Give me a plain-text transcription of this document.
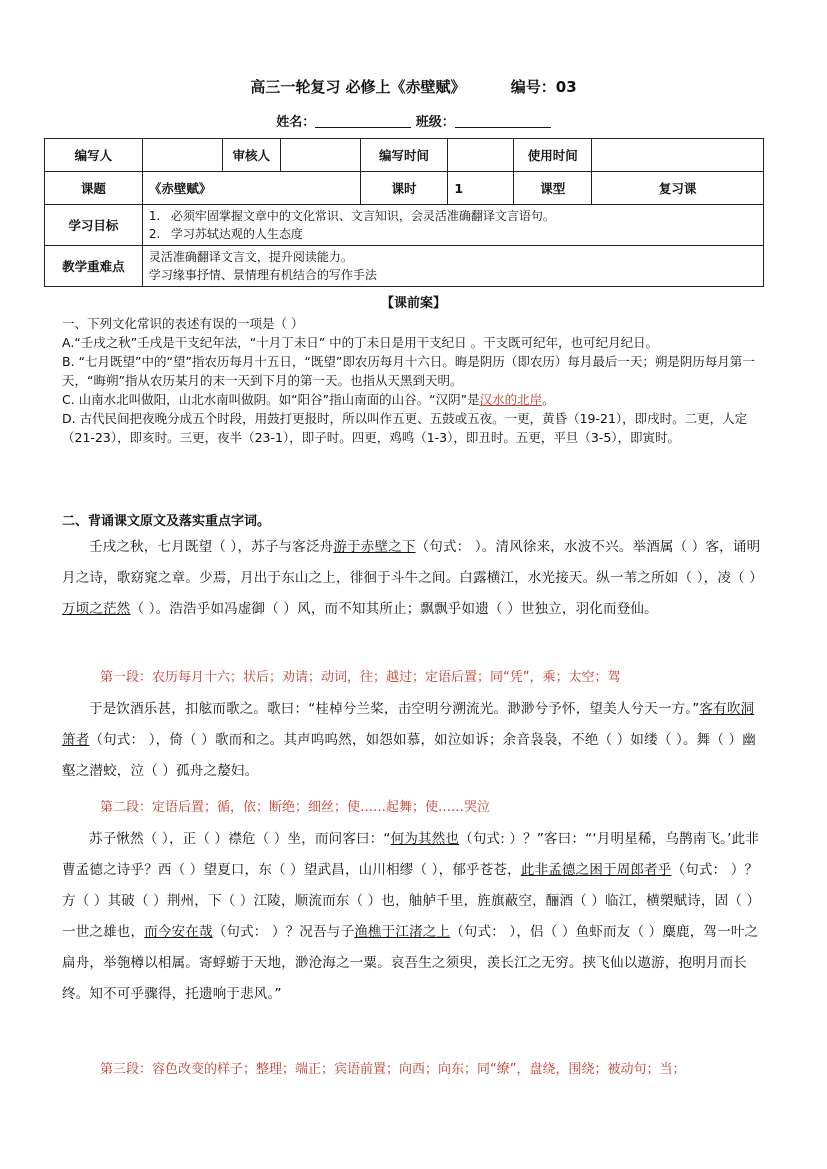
高三一轮复习 必修上《赤壁赋》	编号：03
姓名：	班级：
编写人		审核人		编写时间		使用时间	
课题	《赤壁赋》			课时	1	课型	复习课
学习目标	1. 必须牢固掌握文章中的文化常识、文言知识，会灵活准确翻译文言语句。
2. 学习苏轼达观的人生态度						

教学重难点	灵活准确翻译文言文，提升阅读能力。
学习缘事抒情、景情理有机结合的写作手法						
【课前案】
一、下列文化常识的表述有误的一项是（ ）
A.“壬戌之秋”壬戌是干支纪年法，“十月丁未日” 中的丁未日是用干支纪日 。干支既可纪年，也可纪月纪日。
B. “七月既望”中的“望”指农历每月十五日，“既望”即农历每月十六日。晦是阴历（即农历）每月最后一天；朔是阴历每月第一天，“晦朔”指从农历某月的末一天到下月的第一天。也指从天黑到天明。
C. 山南水北叫做阳，山北水南叫做阴。如“阳谷”指山南面的山谷。“汉阴”是汉水的北岸。
D. 古代民间把夜晚分成五个时段，用鼓打更报时，所以叫作五更、五鼓或五夜。一更，黄昏（19-21），即戌时。二更，人定（21-23），即亥时。三更，夜半（23-1），即子时。四更，鸡鸣（1-3），即丑时。五更，平旦（3-5），即寅时。
二、背诵课文原文及落实重点字词。
壬戌之秋，七月既望（ ），苏子与客泛舟游于赤壁之下（句式： ）。清风徐来，水波不兴。举酒属（ ）客，诵明月之诗，歌窈窕之章。少焉，月出于东山之上，徘徊于斗牛之间。白露横江，水光接天。纵一苇之所如（ ），凌（ ）万顷之茫然（ ）。浩浩乎如冯虚御（ ）风，而不知其所止；飘飘乎如遗（ ）世独立，羽化而登仙。
第一段：农历每月十六；状后；劝请；动词，往；越过；定语后置；同“凭”，乘；太空；驾
于是饮酒乐甚，扣舷而歌之。歌曰：“桂棹兮兰桨，击空明兮溯流光。渺渺兮予怀，望美人兮天一方。”客有吹洞箫者（句式： ），倚（ ）歌而和之。其声呜呜然，如怨如慕，如泣如诉；余音袅袅，不绝（ ）如缕（ ）。舞（ ）幽壑之潜蛟，泣（ ）孤舟之嫠妇。
第二段：定语后置；循，依；断绝；细丝；使……起舞；使……哭泣
苏子愀然（ ），正（ ）襟危（ ）坐，而问客曰：“何为其然也（句式: ）？”客曰：“‘月明星稀，乌鹊南飞。’此非曹孟德之诗乎？西（ ）望夏口，东（ ）望武昌，山川相缪（ ），郁乎苍苍，此非孟德之困于周郎者乎（句式： ）？方（ ）其破（ ）荆州，下（ ）江陵，顺流而东（ ）也，舳舻千里，旌旗蔽空，酾酒（ ）临江，横槊赋诗，固（ ）一世之雄也，而今安在哉（句式： ）？况吾与子渔樵于江渚之上（句式： ），侣（ ）鱼虾而友（ ）麋鹿，驾一叶之扁舟，举匏樽以相属。寄蜉蝣于天地，渺沧海之一粟。哀吾生之须臾，羡长江之无穷。挟飞仙以遨游，抱明月而长终。知不可乎骤得，托遗响于悲风。”
第三段：容色改变的样子；整理；端正；宾语前置；向西；向东；同“缭”，盘绕，围绕；被动句；当；
